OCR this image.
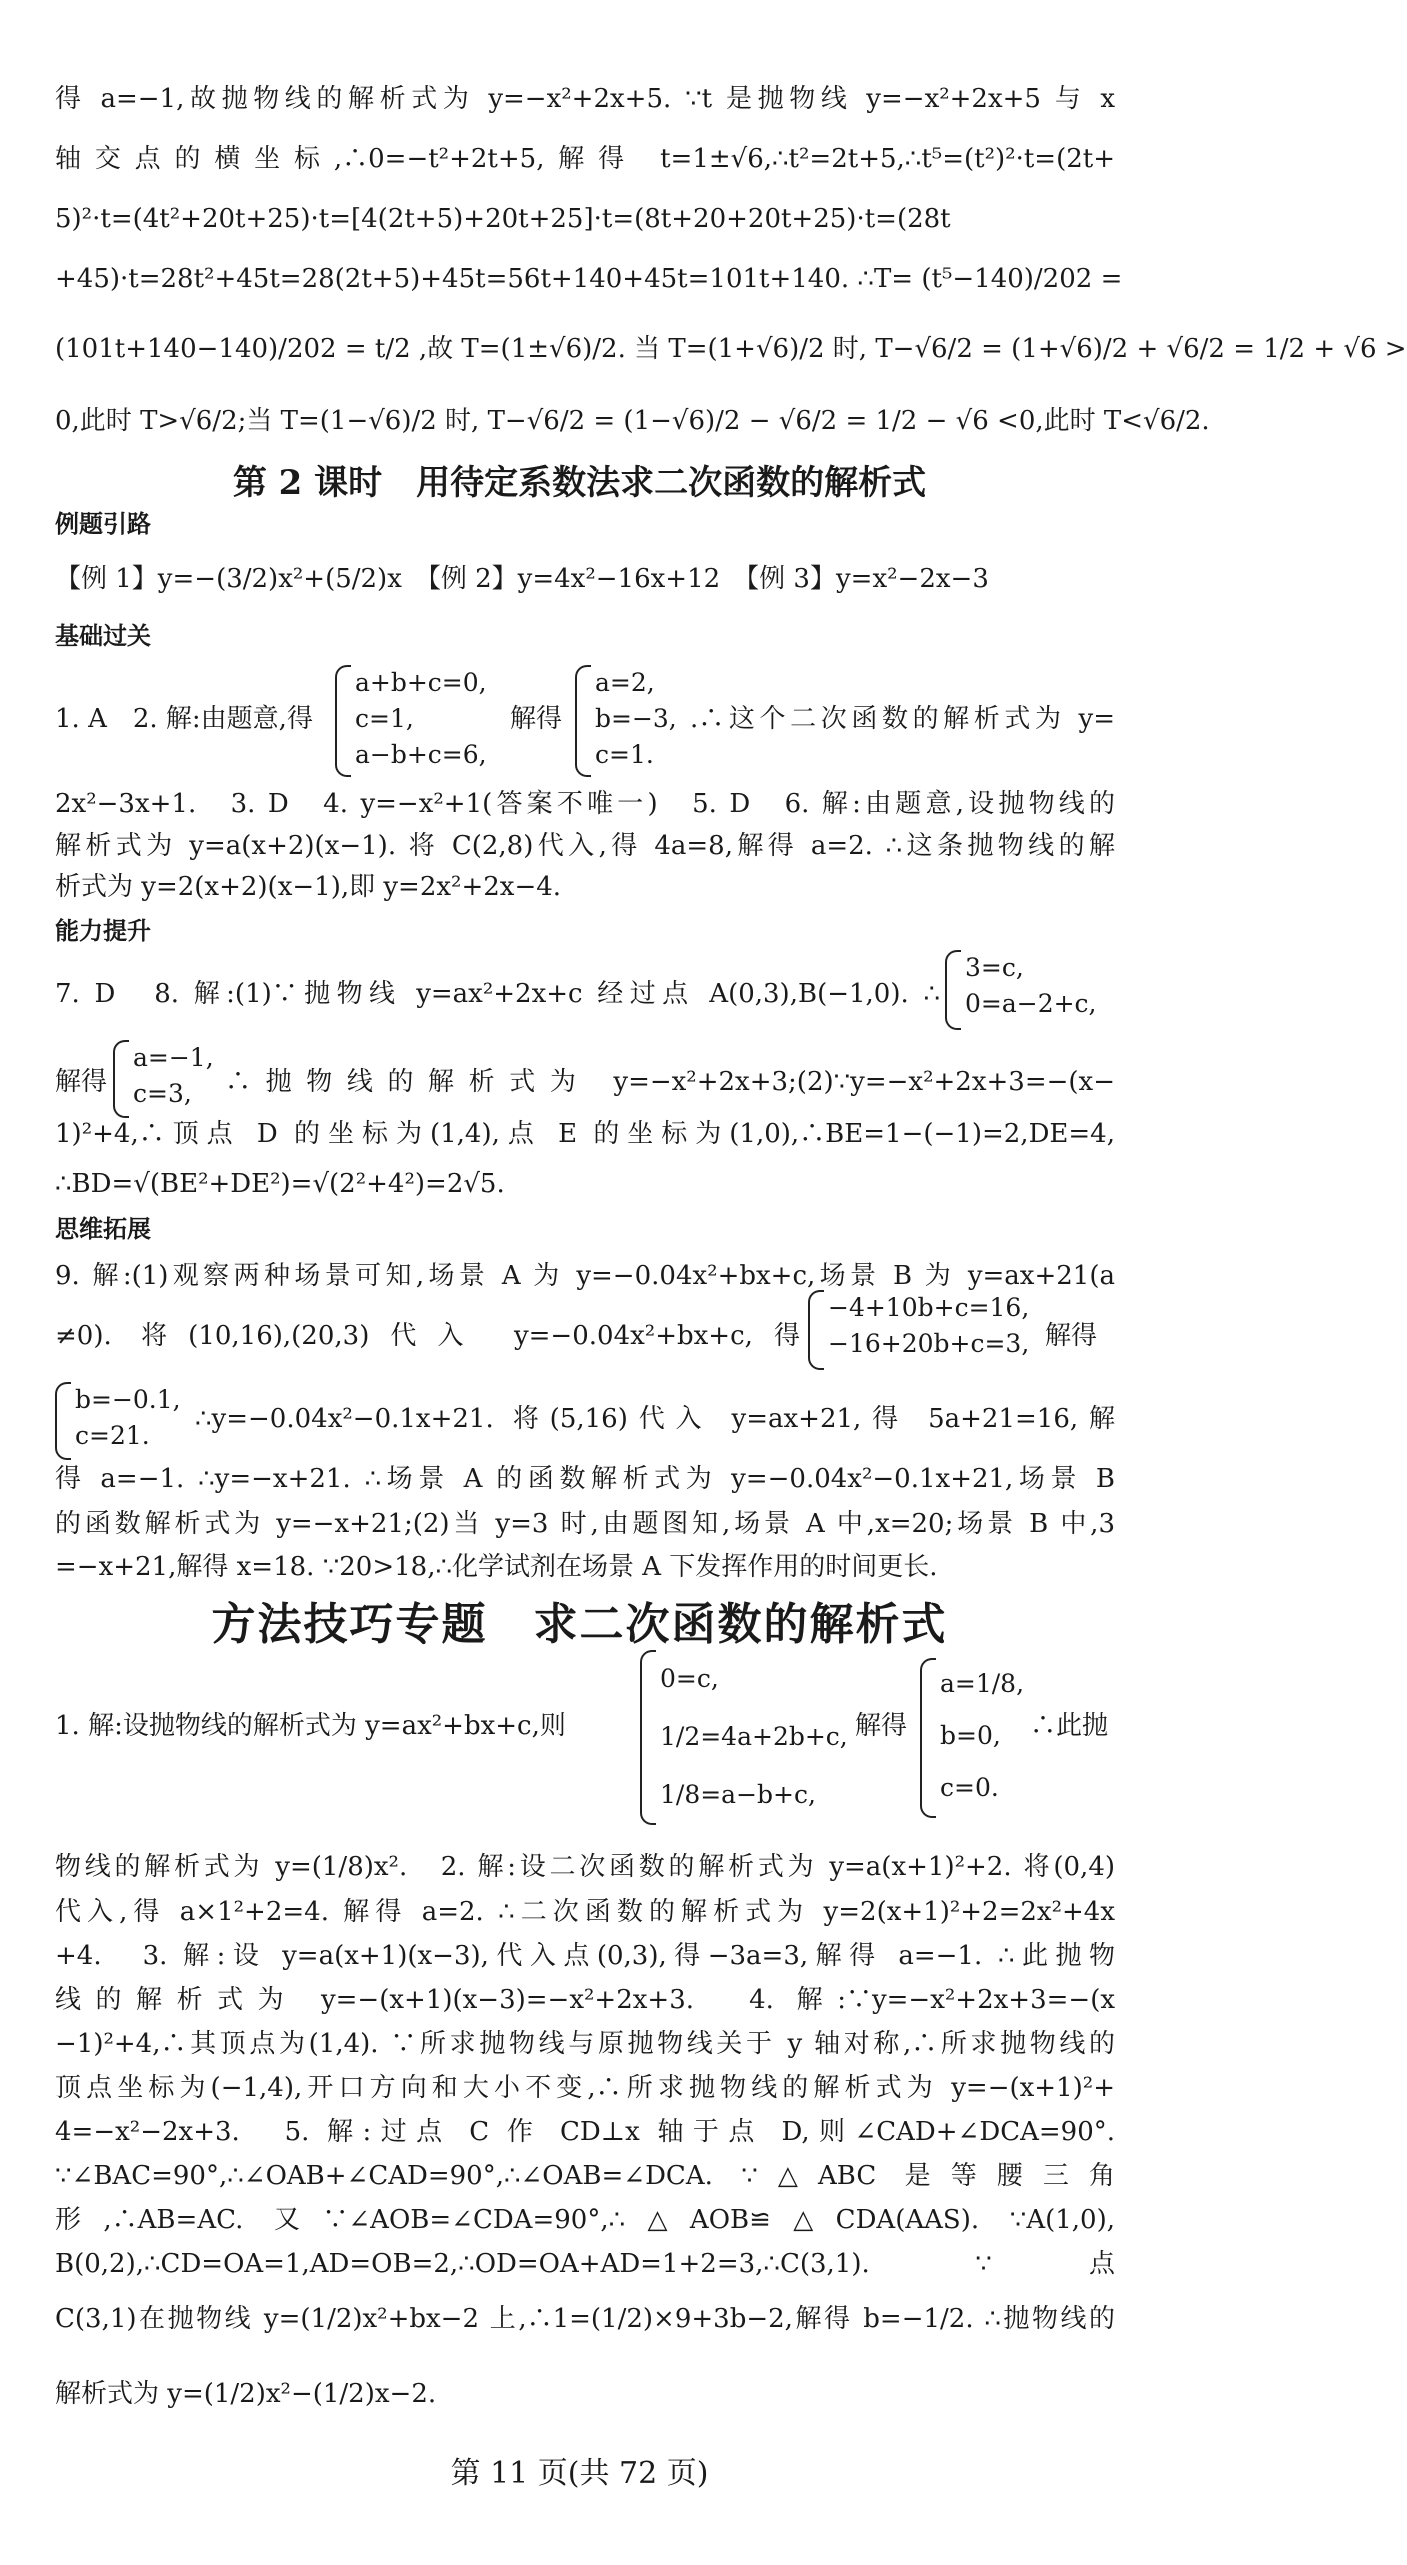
得 a=−1,故抛物线的解析式为 y=−x²+2x+5. ∵t 是抛物线 y=−x²+2x+5 与 x
轴交点的横坐标,∴0=−t²+2t+5,解得 t=1±√6,∴t²=2t+5,∴t⁵=(t²)²·t=(2t+
5)²·t=(4t²+20t+25)·t=[4(2t+5)+20t+25]·t=(8t+20+20t+25)·t=(28t
+45)·t=28t²+45t=28(2t+5)+45t=56t+140+45t=101t+140. ∴T= (t⁵−140)/202 =
(101t+140−140)/202 = t/2 ,故 T=(1±√6)/2. 当 T=(1+√6)/2 时, T−√6/2 = (1+√6)/2 + √6/2 = 1/2 + √6 >
0,此时 T>√6/2;当 T=(1−√6)/2 时, T−√6/2 = (1−√6)/2 − √6/2 = 1/2 − √6 <0,此时 T<√6/2.
第 2 课时　用待定系数法求二次函数的解析式
例题引路
【例 1】y=−(3/2)x²+(5/2)x　【例 2】y=4x²−16x+12　【例 3】y=x²−2x−3
基础过关
1. A　2. 解:由题意,得
a+b+c=0,
c=1,
a−b+c=6,
解得
a=2,
b=−3,
c=1.
.∴这个二次函数的解析式为 y=
2x²−3x+1.　3. D　4. y=−x²+1(答案不唯一)　5. D　6. 解:由题意,设抛物线的
解析式为 y=a(x+2)(x−1). 将 C(2,8)代入,得 4a=8,解得 a=2. ∴这条抛物线的解
析式为 y=2(x+2)(x−1),即 y=2x²+2x−4.
能力提升
7. D　8. 解:(1)∵抛物线 y=ax²+2x+c 经过点 A(0,3),B(−1,0). ∴
3=c,
0=a−2+c,
解得
a=−1,
c=3,	∴抛物线的解析式为 y=−x²+2x+3;(2)∵y=−x²+2x+3=−(x−
1)²+4,∴顶点 D 的坐标为(1,4),点 E 的坐标为(1,0),∴BE=1−(−1)=2,DE=4,
∴BD=√(BE²+DE²)=√(2²+4²)=2√5.
思维拓展
9. 解:(1)观察两种场景可知,场景 A 为 y=−0.04x²+bx+c,场景 B 为 y=ax+21(a
≠0). 将(10,16),(20,3)代入 y=−0.04x²+bx+c,得
−4+10b+c=16,
−16+20b+c=3, 解得
b=−0.1,
c=21.
∴y=−0.04x²−0.1x+21. 将(5,16)代入 y=ax+21,得 5a+21=16,解
得 a=−1. ∴y=−x+21. ∴场景 A 的函数解析式为 y=−0.04x²−0.1x+21,场景 B
的函数解析式为 y=−x+21;(2)当 y=3 时,由题图知,场景 A 中,x=20;场景 B 中,3
=−x+21,解得 x=18. ∵20>18,∴化学试剂在场景 A 下发挥作用的时间更长.
方法技巧专题　求二次函数的解析式
1. 解:设抛物线的解析式为 y=ax²+bx+c,则
0=c,
1/2=4a+2b+c,
1/8=a−b+c,
解得
a=1/8,
b=0,
c=0.
∴此抛
物线的解析式为 y=(1/8)x².　2. 解:设二次函数的解析式为 y=a(x+1)²+2. 将(0,4)
代入,得 a×1²+2=4. 解得 a=2. ∴二次函数的解析式为 y=2(x+1)²+2=2x²+4x
+4.　3. 解:设 y=a(x+1)(x−3),代入点(0,3),得−3a=3,解得 a=−1. ∴此抛物
线的解析式为 y=−(x+1)(x−3)=−x²+2x+3.　4. 解:∵y=−x²+2x+3=−(x
−1)²+4,∴其顶点为(1,4). ∵所求抛物线与原抛物线关于 y 轴对称,∴所求抛物线的
顶点坐标为(−1,4),开口方向和大小不变,∴所求抛物线的解析式为 y=−(x+1)²+
4=−x²−2x+3.　5. 解:过点 C 作 CD⊥x 轴于点 D,则∠CAD+∠DCA=90°.
∵∠BAC=90°,∴∠OAB+∠CAD=90°,∴∠OAB=∠DCA. ∵△ABC 是等腰三角
形,∴AB=AC. 又∵∠AOB=∠CDA=90°,∴△AOB≌△CDA(AAS). ∵A(1,0),
B(0,2),∴CD=OA=1,AD=OB=2,∴OD=OA+AD=1+2=3,∴C(3,1). ∵点
C(3,1)在抛物线 y=(1/2)x²+bx−2 上,∴1=(1/2)×9+3b−2,解得 b=−1/2. ∴抛物线的
解析式为 y=(1/2)x²−(1/2)x−2.
第 11 页(共 72 页)
